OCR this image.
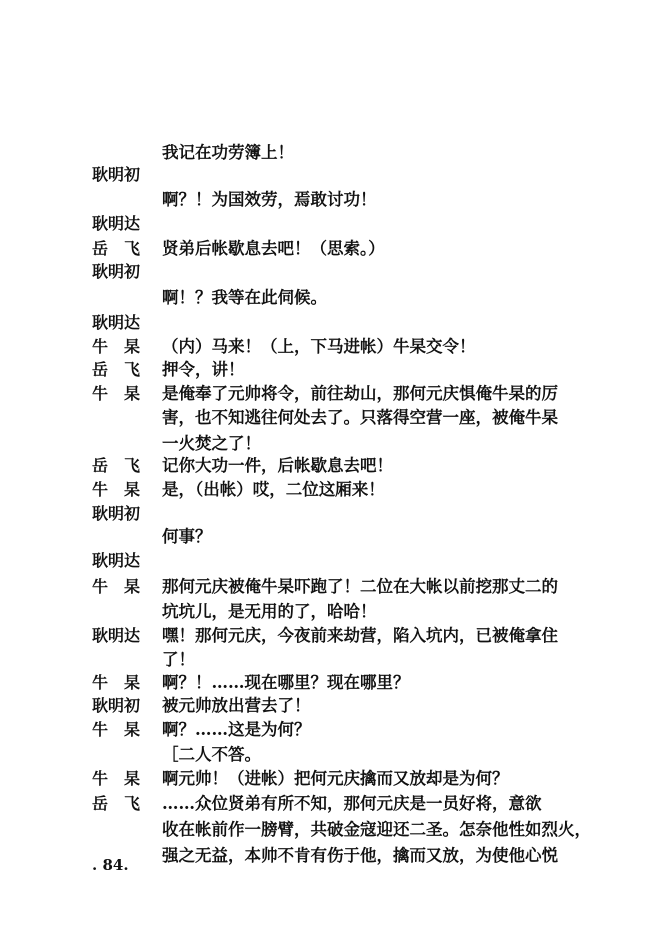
我记在功劳簿上！
耿明初
啊？！为国效劳，焉敢讨功！
耿明达
岳　飞	贤弟后帐歇息去吧！（思索。）
耿明初
啊！？我等在此伺候。
耿明达
牛　杲	（内）马来！（上，下马进帐）牛杲交令！
岳　飞	押令，讲！
牛　杲	是俺奉了元帅将令，前往劫山，那何元庆惧俺牛杲的厉
害，也不知逃往何处去了。只落得空营一座，被俺牛杲
一火焚之了！
岳　飞	记你大功一件，后帐歇息去吧！
牛　杲	是，（出帐）哎，二位这厢来！
耿明初
何事？
耿明达
牛　杲	那何元庆被俺牛杲吓跑了！二位在大帐以前挖那丈二的
坑坑儿，是无用的了，哈哈！
耿明达	嘿！那何元庆，今夜前来劫营，陷入坑内，已被俺拿住
了！
牛　杲	啊？！……现在哪里？现在哪里？
耿明初	被元帅放出营去了！
牛　杲	啊？……这是为何？
［二人不答。
牛　杲	啊元帅！（进帐）把何元庆擒而又放却是为何？
岳　飞	……众位贤弟有所不知，那何元庆是一员好将，意欲
收在帐前作一膀臂，共破金寇迎还二圣。怎奈他性如烈火，
强之无益，本帅不肯有伤于他，擒而又放，为使他心悦
. 84.
